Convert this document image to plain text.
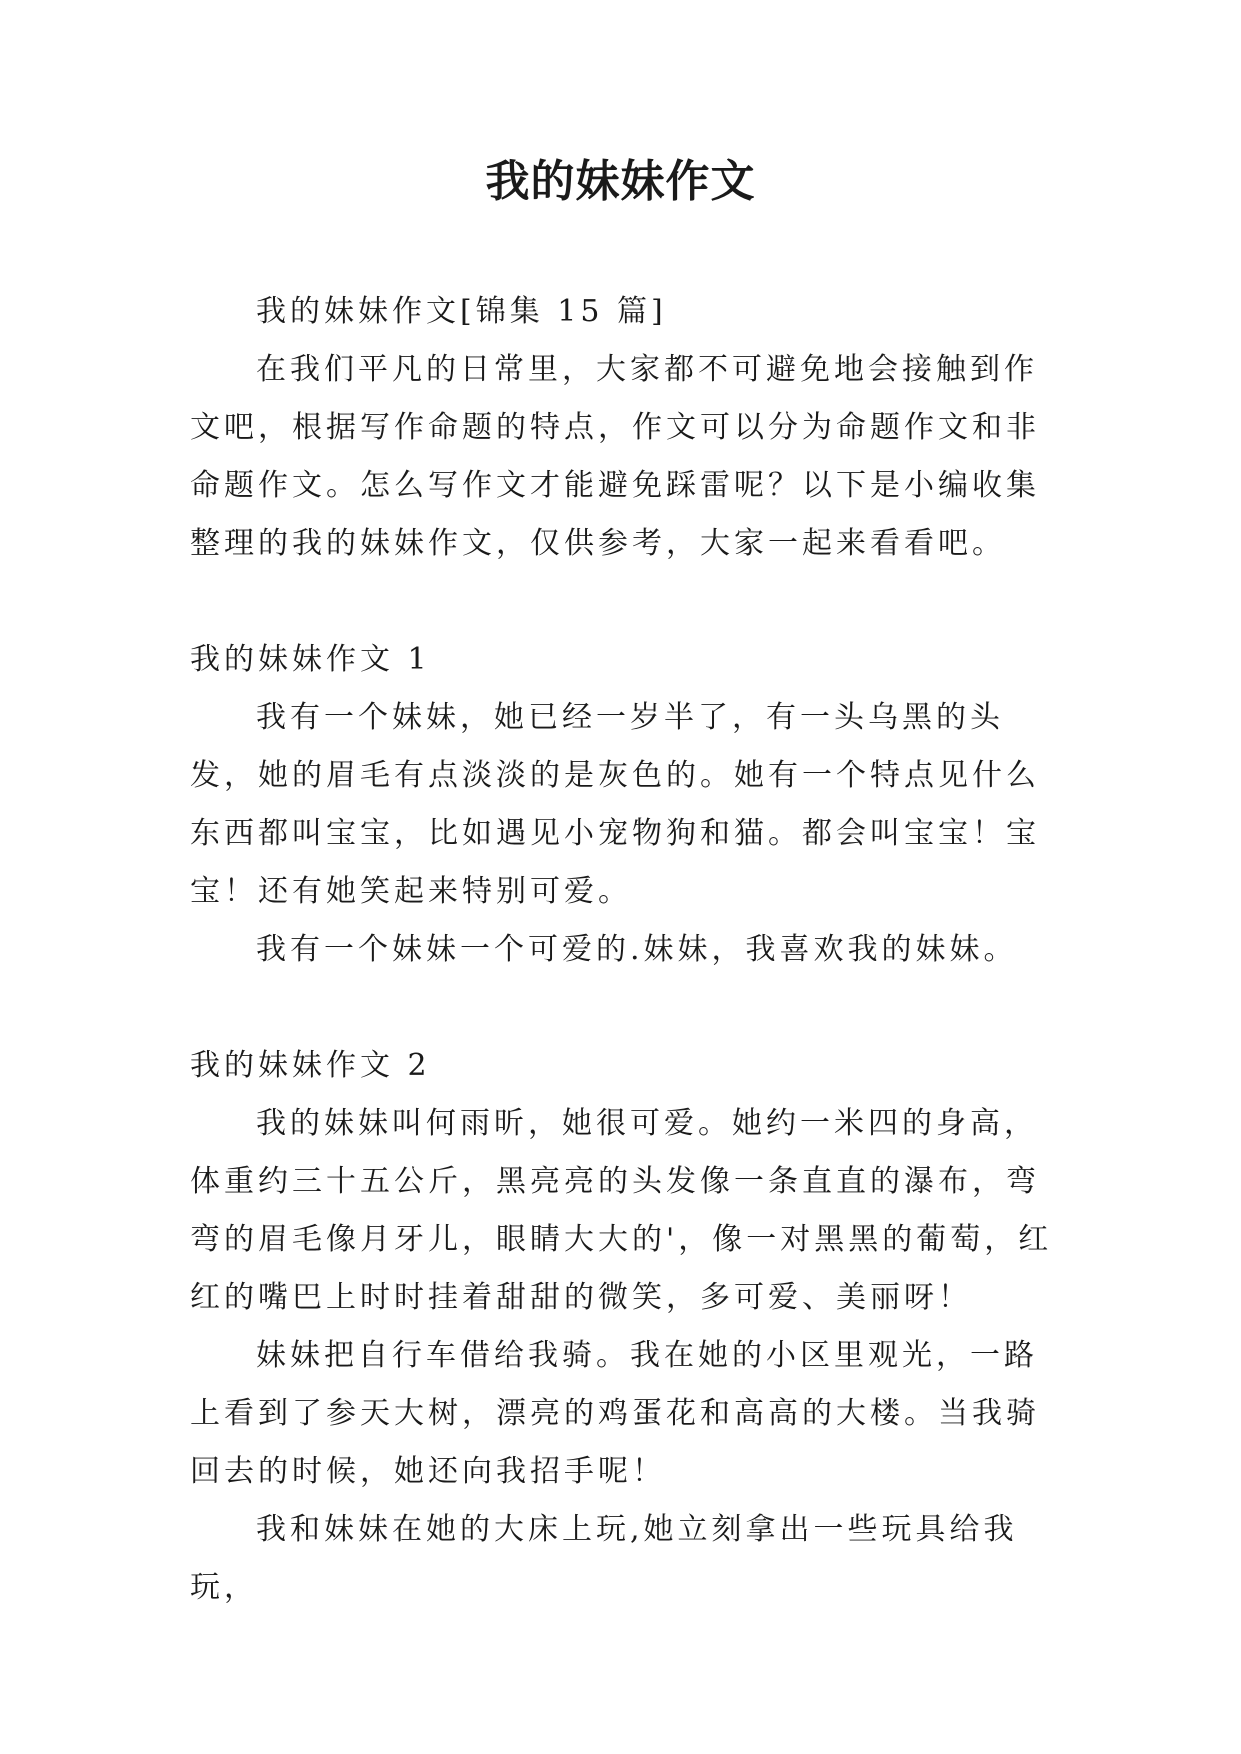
我的妹妹作文

我的妹妹作文[锦集 15 篇]

在我们平凡的日常里，大家都不可避免地会接触到作文吧，根据写作命题的特点，作文可以分为命题作文和非命题作文。怎么写作文才能避免踩雷呢？以下是小编收集整理的我的妹妹作文，仅供参考，大家一起来看看吧。

我的妹妹作文 1

我有一个妹妹，她已经一岁半了，有一头乌黑的头发，她的眉毛有点淡淡的是灰色的。她有一个特点见什么东西都叫宝宝，比如遇见小宠物狗和猫。都会叫宝宝！宝宝！还有她笑起来特别可爱。

我有一个妹妹一个可爱的.妹妹，我喜欢我的妹妹。

我的妹妹作文 2

我的妹妹叫何雨昕，她很可爱。她约一米四的身高，体重约三十五公斤，黑亮亮的头发像一条直直的瀑布，弯弯的眉毛像月牙儿，眼睛大大的'，像一对黑黑的葡萄，红红的嘴巴上时时挂着甜甜的微笑，多可爱、美丽呀！

妹妹把自行车借给我骑。我在她的小区里观光，一路上看到了参天大树，漂亮的鸡蛋花和高高的大楼。当我骑回去的时候，她还向我招手呢！

我和妹妹在她的大床上玩,她立刻拿出一些玩具给我玩，
